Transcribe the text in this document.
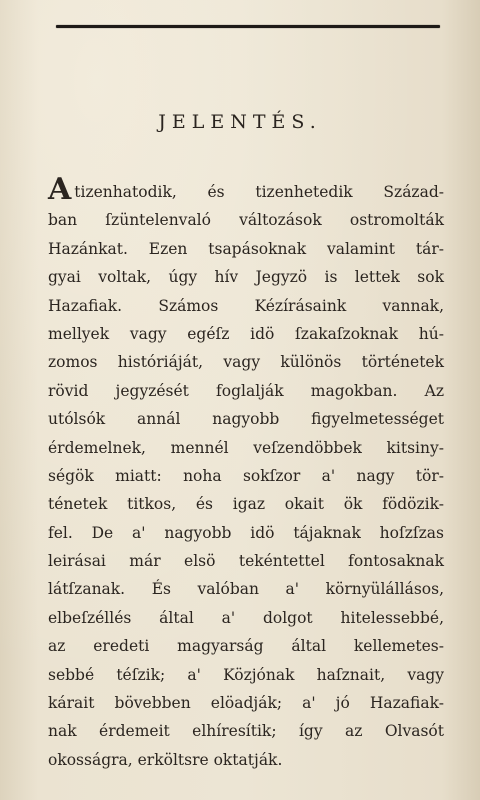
JELENTÉS.
Atizenhatodik, és tizenhetedik Század-
ban ſzüntelenvaló változások ostromolták
Hazánkat. Ezen tsapásoknak valamint tár-
gyai voltak, úgy hív Jegyzö is lettek sok
Hazafiak. Számos Kézírásaink vannak,
mellyek vagy egéſz idö ſzakaſzoknak hú-
zomos históriáját, vagy különös történetek
rövid jegyzését foglalják magokban. Az
utólsók annál nagyobb figyelmetességet
érdemelnek, mennél veſzendöbbek kitsiny-
ségök miatt: noha sokſzor a' nagy tör-
ténetek titkos, és igaz okait ök födözik-
fel. De a' nagyobb idö tájaknak hoſzſzas
leirásai már elsö tekéntettel fontosaknak
látſzanak. És valóban a' környülállásos,
elbeſzéllés által a' dolgot hitelessebbé,
az eredeti magyarság által kellemetes-
sebbé téſzik; a' Közjónak haſznait, vagy
kárait bövebben elöadják; a' jó Hazafiak-
nak érdemeit elhíresítik; így az Olvasót
okosságra, erköltsre oktatják.
